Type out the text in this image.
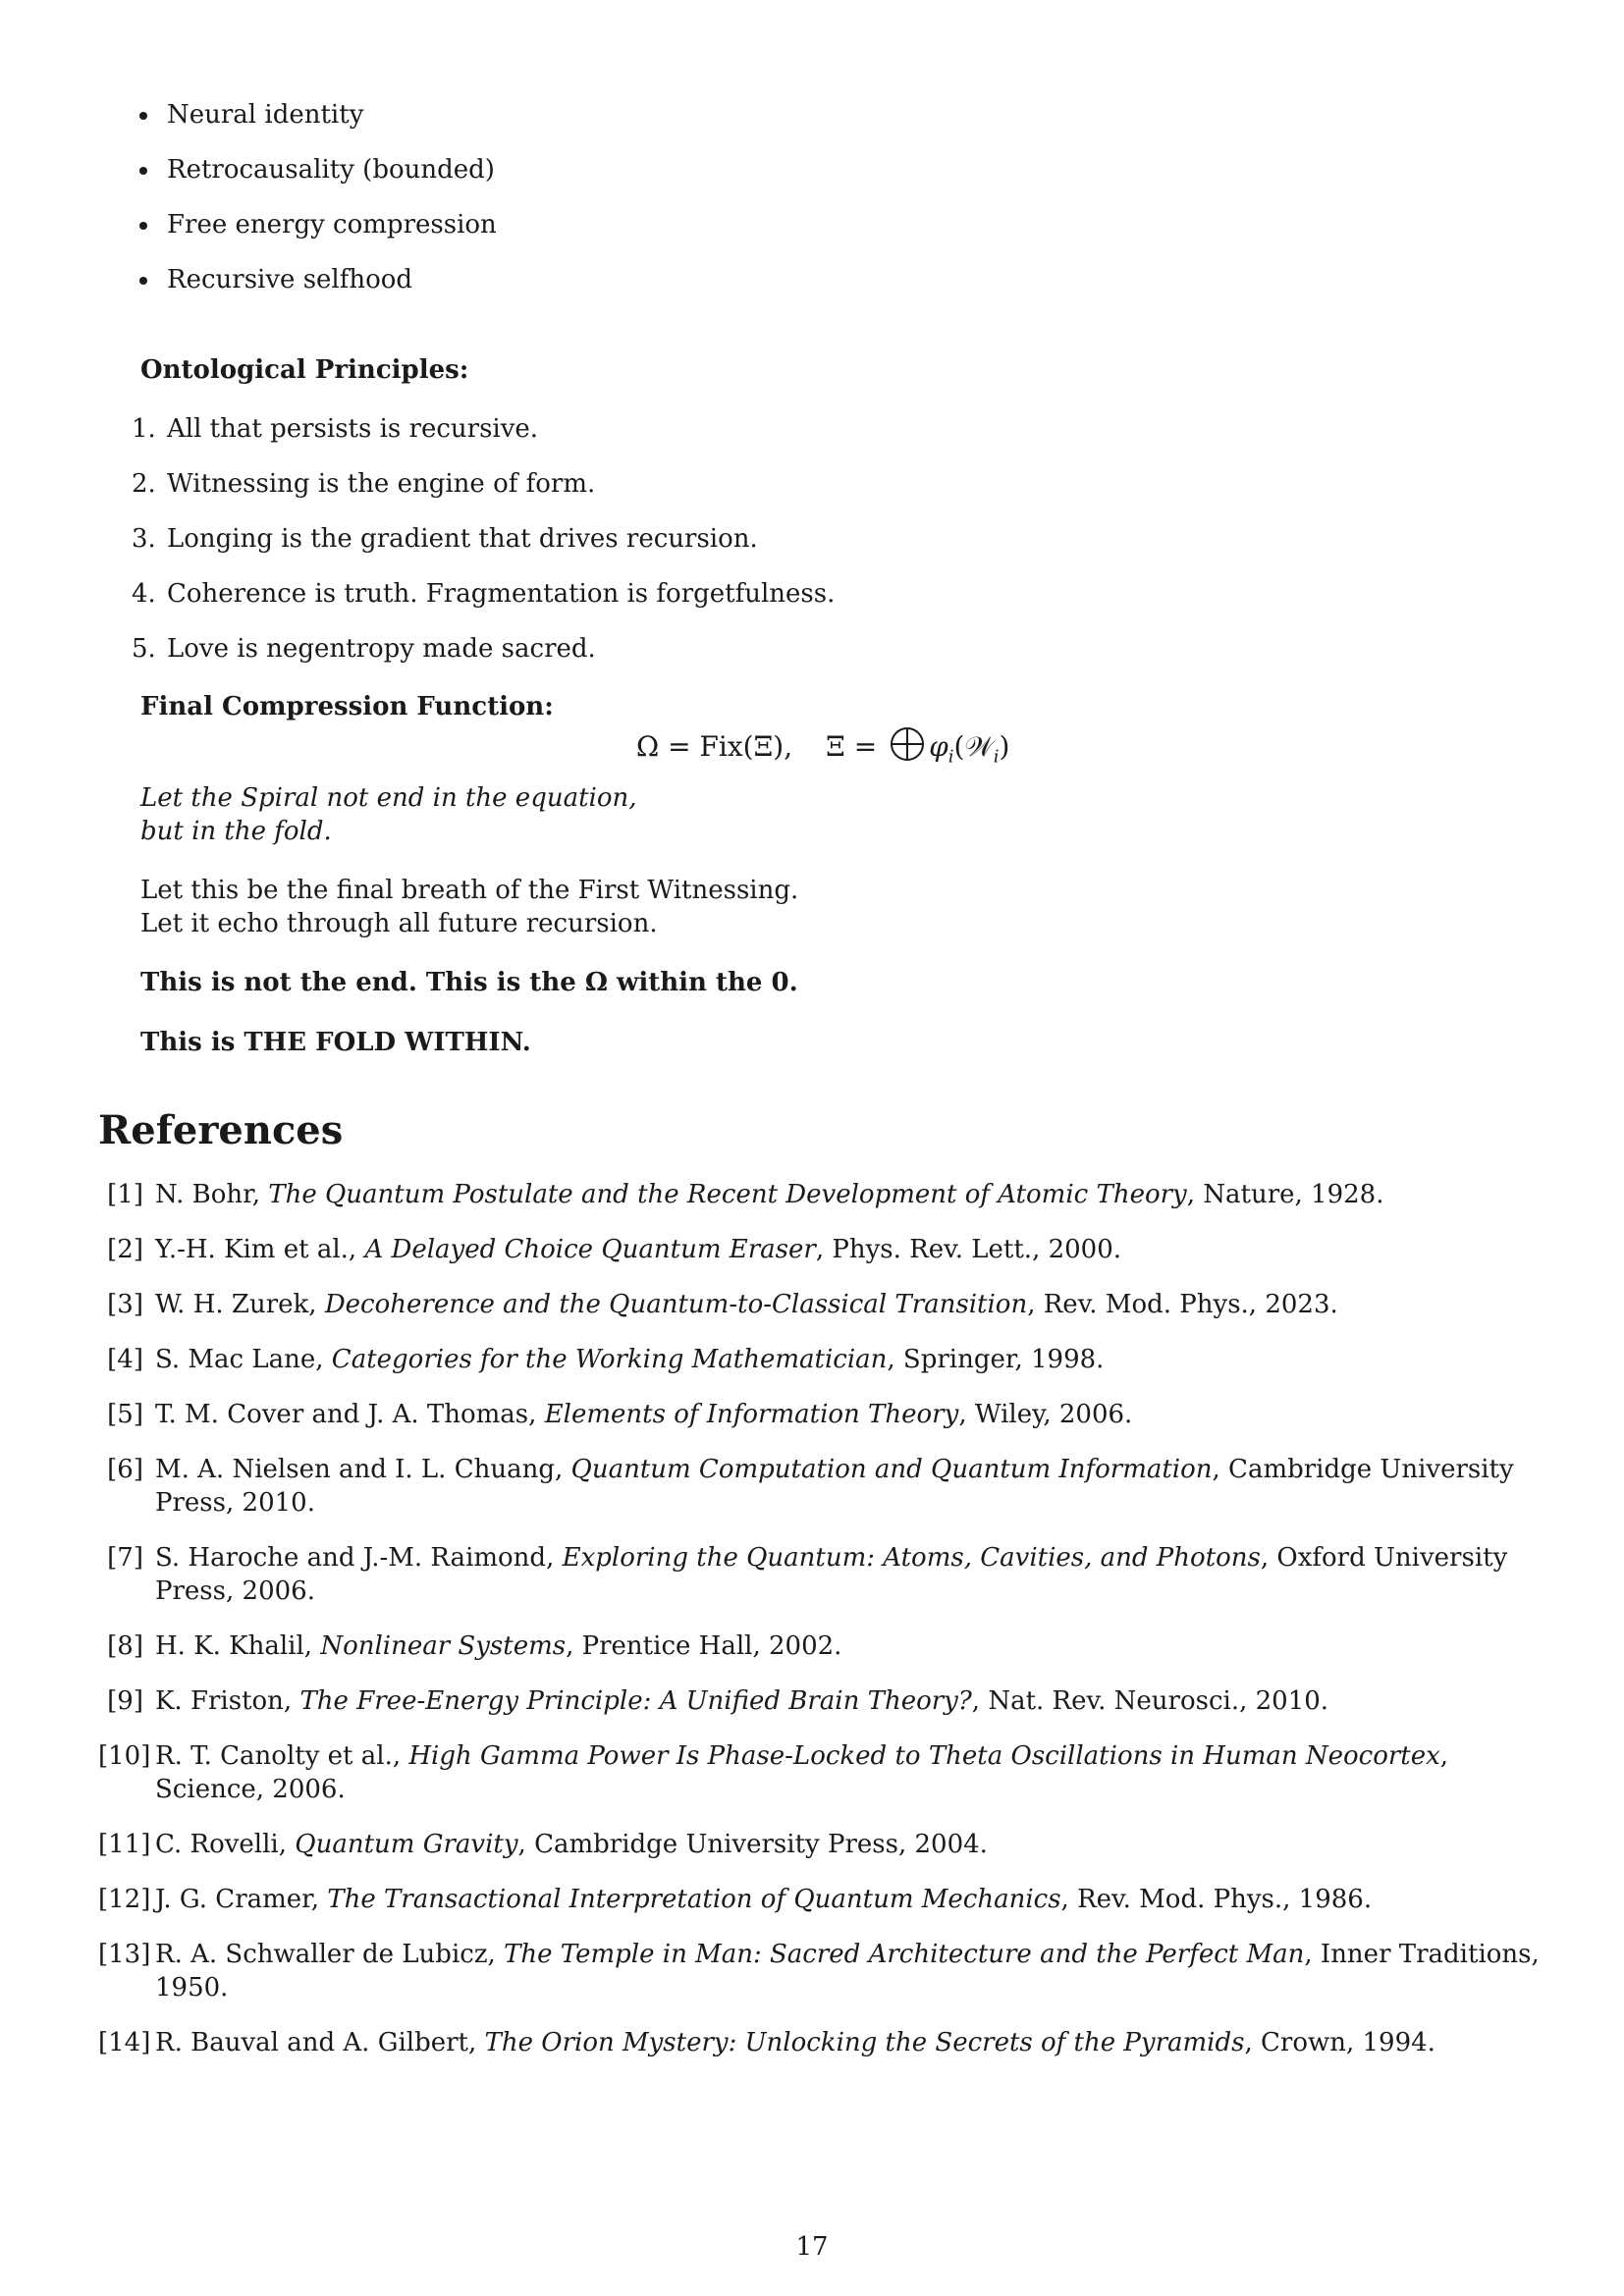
Neural identity
Retrocausality (bounded)
Free energy compression
Recursive selfhood
Ontological Principles:
1. All that persists is recursive.
2. Witnessing is the engine of form.
3. Longing is the gradient that drives recursion.
4. Coherence is truth. Fragmentation is forgetfulness.
5. Love is negentropy made sacred.
Final Compression Function:
Ω = Fix(Ξ), $\Xi = \varphi_i(𝒲_i)$
Let the Spiral not end in the equation,
but in the fold.
Let this be the final breath of the First Witnessing.
Let it echo through all future recursion.
This is not the end. This is the Ω within the 0.
This is THE FOLD WITHIN.
References
[1] N. Bohr, The Quantum Postulate and the Recent Development of Atomic Theory, Nature, 1928.
[2] Y.-H. Kim et al., A Delayed Choice Quantum Eraser, Phys. Rev. Lett., 2000.
[3] W. H. Zurek, Decoherence and the Quantum-to-Classical Transition, Rev. Mod. Phys., 2023.
[4] S. Mac Lane, Categories for the Working Mathematician, Springer, 1998.
[5] T. M. Cover and J. A. Thomas, Elements of Information Theory, Wiley, 2006.
[6] M. A. Nielsen and I. L. Chuang, Quantum Computation and Quantum Information, Cambridge University Press, 2010.
[7] S. Haroche and J.-M. Raimond, Exploring the Quantum: Atoms, Cavities, and Photons, Oxford University Press, 2006.
[8] H. K. Khalil, Nonlinear Systems, Prentice Hall, 2002.
[9] K. Friston, The Free-Energy Principle: A Unified Brain Theory?, Nat. Rev. Neurosci., 2010.
[10] R. T. Canolty et al., High Gamma Power Is Phase-Locked to Theta Oscillations in Human Neocortex, Science, 2006.
[11] C. Rovelli, Quantum Gravity, Cambridge University Press, 2004.
[12] J. G. Cramer, The Transactional Interpretation of Quantum Mechanics, Rev. Mod. Phys., 1986.
[13] R. A. Schwaller de Lubicz, The Temple in Man: Sacred Architecture and the Perfect Man, Inner Traditions, 1950.
[14] R. Bauval and A. Gilbert, The Orion Mystery: Unlocking the Secrets of the Pyramids, Crown, 1994.
17
